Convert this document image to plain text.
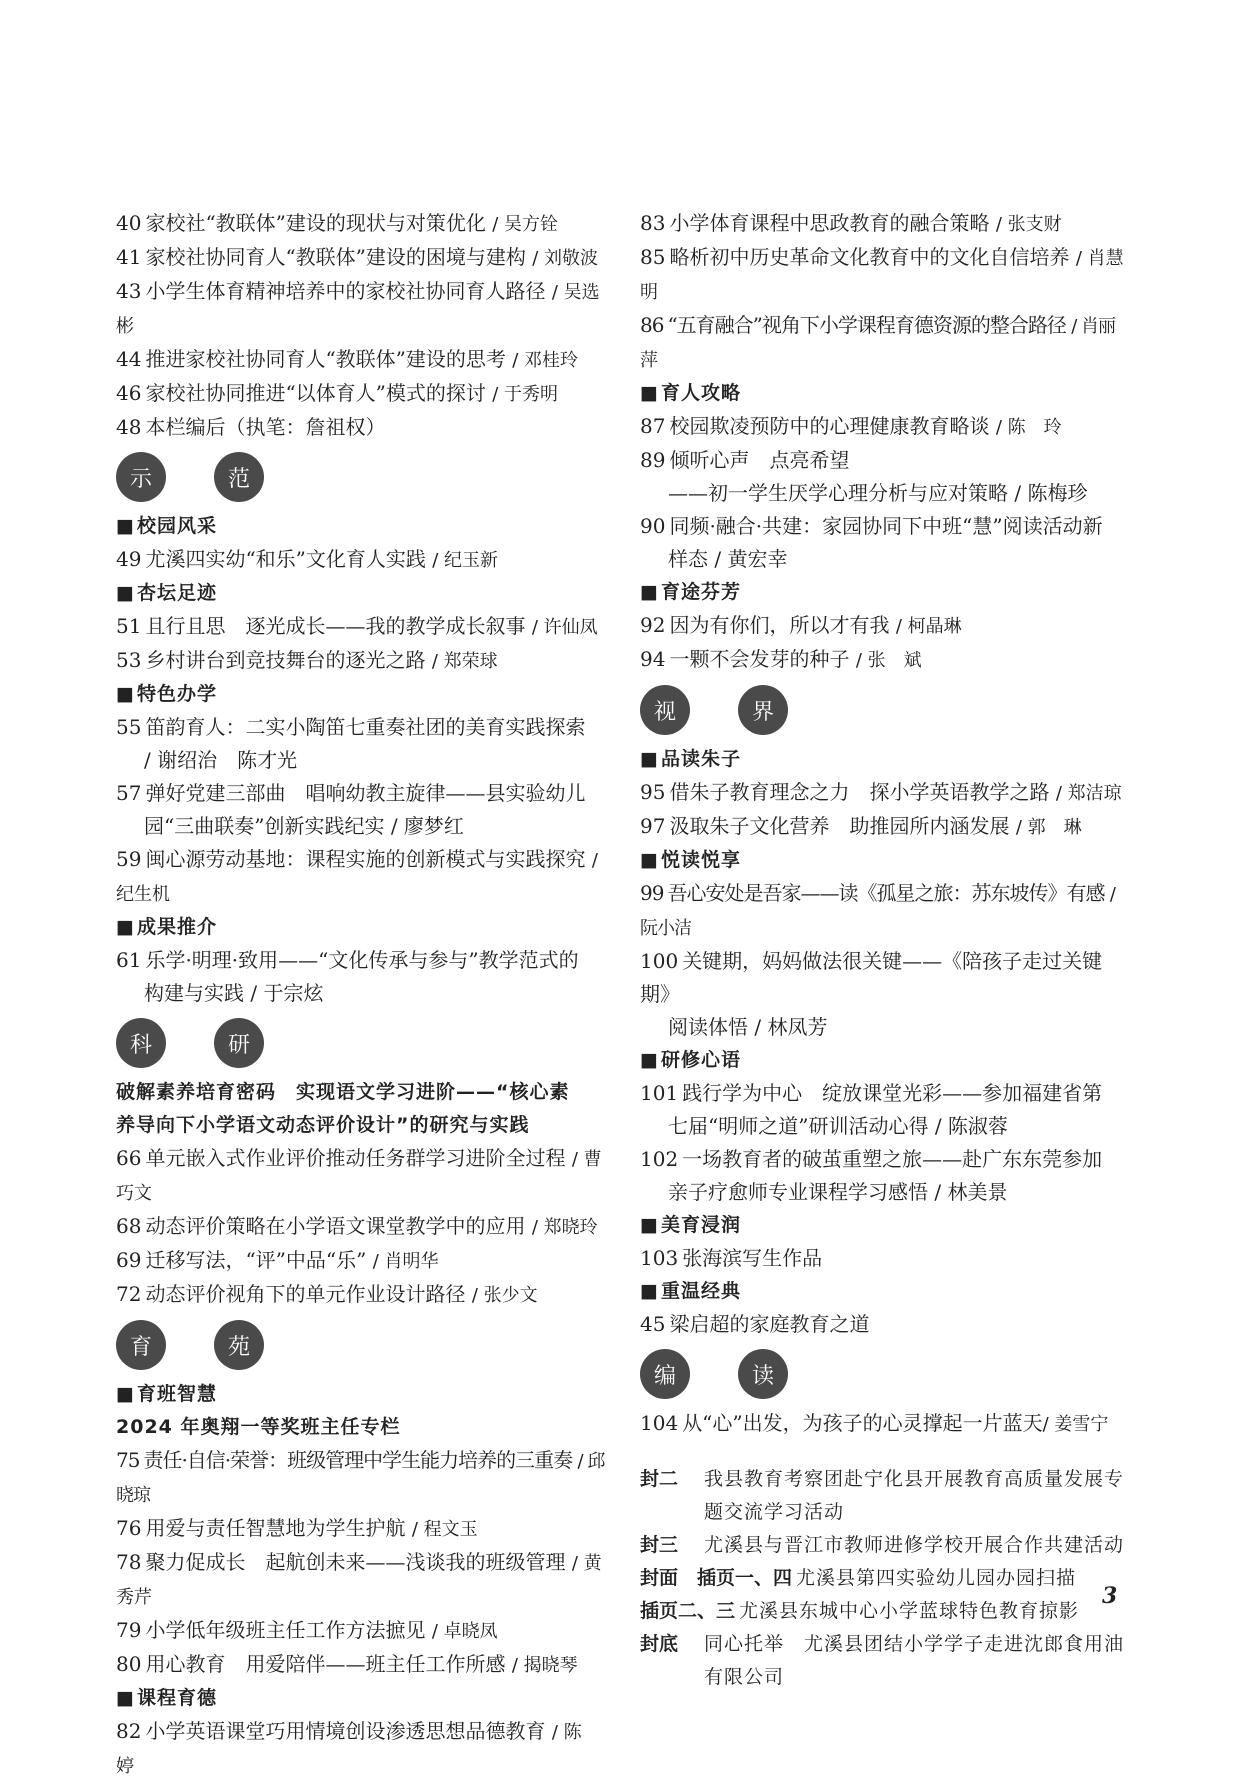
40 家校社“教联体”建设的现状与对策优化 / 吴方铨
41 家校社协同育人“教联体”建设的困境与建构 / 刘敬波
43 小学生体育精神培养中的家校社协同育人路径 / 吴选彬
44 推进家校社协同育人“教联体”建设的思考 / 邓桂玲
46 家校社协同推进“以体育人”模式的探讨 / 于秀明
48 本栏编后（执笔：詹祖权）
示	范
■ 校园风采
49 尤溪四实幼“和乐”文化育人实践 / 纪玉新
■ 杏坛足迹
51 且行且思　逐光成长——我的教学成长叙事 / 许仙凤
53 乡村讲台到竞技舞台的逐光之路 / 郑荣球
■ 特色办学
55 笛韵育人：二实小陶笛七重奏社团的美育实践探索
/ 谢绍治　陈才光
57 弹好党建三部曲　唱响幼教主旋律——县实验幼儿
园“三曲联奏”创新实践纪实 / 廖梦红
59 闽心源劳动基地：课程实施的创新模式与实践探究 / 纪生机
■ 成果推介
61 乐学·明理·致用——“文化传承与参与”教学范式的
构建与实践 / 于宗炫
科	研
破解素养培育密码　实现语文学习进阶——“核心素
养导向下小学语文动态评价设计”的研究与实践
66 单元嵌入式作业评价推动任务群学习进阶全过程 / 曹巧文
68 动态评价策略在小学语文课堂教学中的应用 / 郑晓玲
69 迁移写法，“评”中品“乐” / 肖明华
72 动态评价视角下的单元作业设计路径 / 张少文
育	苑
■ 育班智慧
2024 年奥翔一等奖班主任专栏
75 责任·自信·荣誉：班级管理中学生能力培养的三重奏 / 邱晓琼
76 用爱与责任智慧地为学生护航 / 程文玉
78 聚力促成长　起航创未来——浅谈我的班级管理 / 黄秀芹
79 小学低年级班主任工作方法摭见 / 卓晓凤
80 用心教育　用爱陪伴——班主任工作所感 / 揭晓琴
■ 课程育德
82 小学英语课堂巧用情境创设渗透思想品德教育 / 陈　婷
83 小学体育课程中思政教育的融合策略 / 张支财
85 略析初中历史革命文化教育中的文化自信培养 / 肖慧明
86 “五育融合”视角下小学课程育德资源的整合路径 / 肖丽萍
■ 育人攻略
87 校园欺凌预防中的心理健康教育略谈 / 陈　玲
89 倾听心声　点亮希望
——初一学生厌学心理分析与应对策略 / 陈梅珍
90 同频·融合·共建：家园协同下中班“慧”阅读活动新
样态 / 黄宏幸
■ 育途芬芳
92 因为有你们，所以才有我 / 柯晶琳
94 一颗不会发芽的种子 / 张　斌
视	界
■ 品读朱子
95 借朱子教育理念之力　探小学英语教学之路 / 郑洁琼
97 汲取朱子文化营养　助推园所内涵发展 / 郭　琳
■ 悦读悦享
99 吾心安处是吾家——读《孤星之旅：苏东坡传》有感 / 阮小洁
100 关键期，妈妈做法很关键——《陪孩子走过关键期》
阅读体悟 / 林凤芳
■ 研修心语
101 践行学为中心　绽放课堂光彩——参加福建省第
七届“明师之道”研训活动心得 / 陈淑蓉
102 一场教育者的破茧重塑之旅——赴广东东莞参加
亲子疗愈师专业课程学习感悟 / 林美景
■ 美育浸润
103 张海滨写生作品
■ 重温经典
45 梁启超的家庭教育之道
编	读
104 从“心”出发，为孩子的心灵撑起一片蓝天/ 姜雪宁
封二	我县教育考察团赴宁化县开展教育高质量发展专题交流学习活动
封三	尤溪县与晋江市教师进修学校开展合作共建活动
封面　插页一、四 尤溪县第四实验幼儿园办园扫描
插页二、三 尤溪县东城中心小学蓝球特色教育掠影
封底	同心托举　尤溪县团结小学学子走进沈郎食用油有限公司
3
